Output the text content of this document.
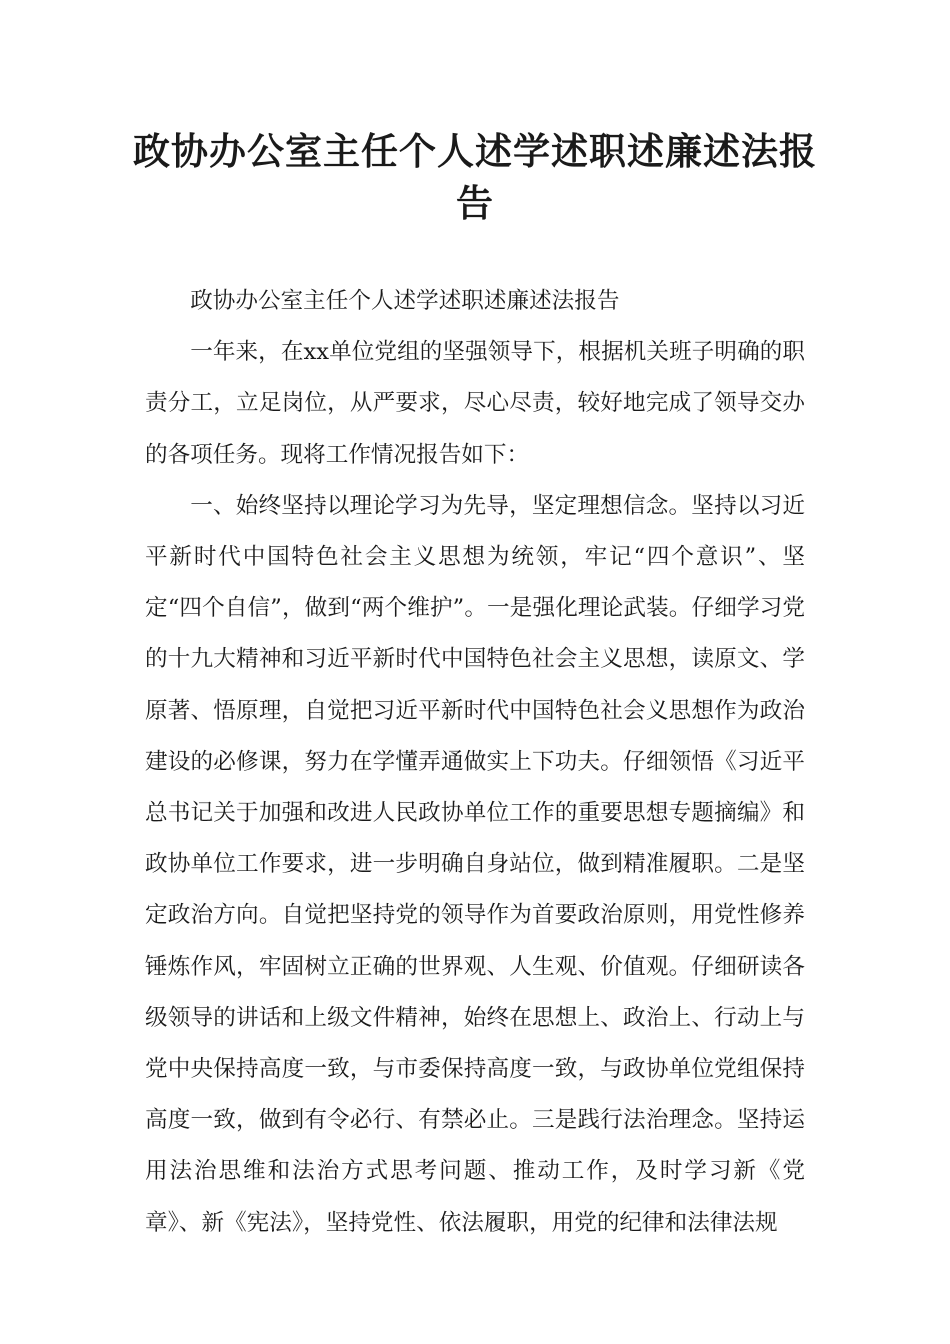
政协办公室主任个人述学述职述廉述法报告

政协办公室主任个人述学述职述廉述法报告

一年来，在xx单位党组的坚强领导下，根据机关班子明确的职责分工，立足岗位，从严要求，尽心尽责，较好地完成了领导交办的各项任务。现将工作情况报告如下：

一、始终坚持以理论学习为先导，坚定理想信念。坚持以习近平新时代中国特色社会主义思想为统领，牢记“四个意识”、坚定“四个自信”，做到“两个维护”。一是强化理论武装。仔细学习党的十九大精神和习近平新时代中国特色社会主义思想，读原文、学原著、悟原理，自觉把习近平新时代中国特色社会义思想作为政治建设的必修课，努力在学懂弄通做实上下功夫。仔细领悟《习近平总书记关于加强和改进人民政协单位工作的重要思想专题摘编》和政协单位工作要求，进一步明确自身站位，做到精准履职。二是坚定政治方向。自觉把坚持党的领导作为首要政治原则，用党性修养锤炼作风，牢固树立正确的世界观、人生观、价值观。仔细研读各级领导的讲话和上级文件精神，始终在思想上、政治上、行动上与党中央保持高度一致，与市委保持高度一致，与政协单位党组保持高度一致，做到有令必行、有禁必止。三是践行法治理念。坚持运用法治思维和法治方式思考问题、推动工作，及时学习新《党章》、新《宪法》，坚持党性、依法履职，用党的纪律和法律法规
